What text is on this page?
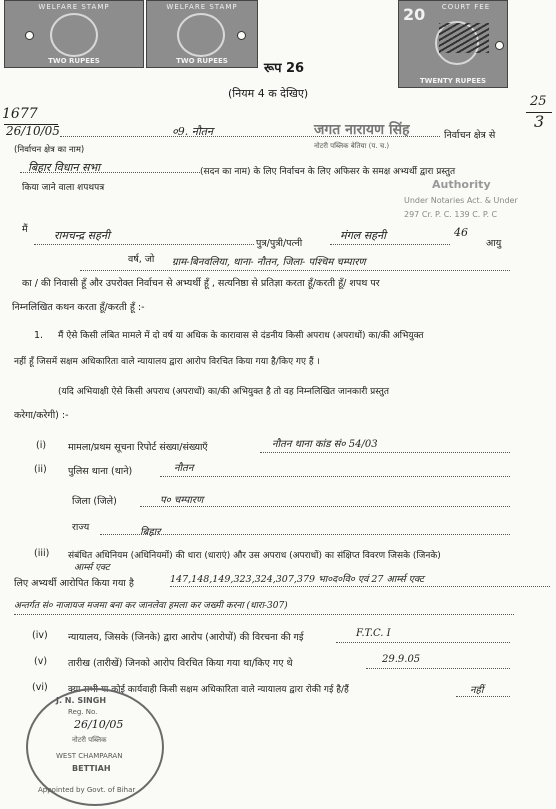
WELFARE STAMP
TWO RUPEES
WELFARE STAMP
TWO RUPEES
20	COURT FEE
TWENTY RUPEES
रूप 26
(नियम 4 क देखिए)
1677
26/10/05
25
3
०9. नौतन	जगत नारायण सिंह
नोटरी पब्लिक बेतिया (प. च.)
निर्वाचन क्षेत्र से
(निर्वाचन क्षेत्र का नाम)
बिहार विधान सभा	(सदन का नाम) के लिए निर्वाचन के लिए अफिसर के समक्ष अभ्यर्थी द्वारा प्रस्तुत
किया जाने वाला शपथपत्र	Authority
Under Notaries Act. & Under
297 Cr. P. C. 139 C. P. C
मैं रामचन्द्र सहनी
पुत्र/पुत्री/पत्नी
मंगल सहनी	46
आयु
वर्ष, जो ग्राम-बिनवलिया, थाना- नौतन, जिला- पश्चिम चम्पारण
का / की निवासी हूँ और उपरोक्त निर्वाचन से अभ्यर्थी हूँ , सत्यनिष्ठा से प्रतिज्ञा करता हूँ/करती हूँ/ शपथ पर
निम्नलिखित कथन करता हूँ/करती हूँ :-
1. मैं ऐसे किसी लंबित मामले में दो वर्ष या अधिक के कारावास से दंडनीय किसी अपराध (अपराधों) का/की अभियुक्त
नहीं हूँ जिसमें सक्षम अधिकारिता वाले न्यायालय द्वारा आरोप विरचित किया गया है/किए गए हैं ।
(यदि अभियाक्षी ऐसे किसी अपराध (अपराधों) का/की अभियुक्त है तो वह निम्नलिखित जानकारी प्रस्तुत
करेगा/करेगी) :-
(i) मामला/प्रथम सूचना रिपोर्ट संख्या/संख्याएँ	नौतन थाना कांड सं० 54/03
(ii) पुलिस थाना (थाने)	नौतन
जिला (जिले)	प० चम्पारण
राज्य	बिहार
(iii) संबंधित अधिनियम (अधिनियमों) की धारा (धाराएं) और उस अपराध (अपराधों) का संक्षिप्त विवरण जिसके (जिनके)
लिए अभ्यर्थी आरोपित किया गया है
आर्म्स एक्ट
147,148,149,323,324,307,379 भा०द०वि० एवं 27 आर्म्स एक्ट
अन्तर्गत सं० नाजायज मजमा बना कर जानलेवा हमला कर जख्मी करना (धारा-307)
(iv) न्यायालय, जिसके (जिनके) द्वारा आरोप (आरोपों) की विरचना की गई	F.T.C. I
(v) तारीख (तारीखें) जिनको आरोप विरचित किया गया था/किए गए थे	29.9.05
(vi) क्या सभी या कोई कार्यवाही किसी सक्षम अधिकारिता वाले न्यायालय द्वारा रोकी गई है/हैं	नहीं
J. N. SINGH
Reg. No.
26/10/05
नोटरी पब्लिक
WEST CHAMPARAN
BETTIAH
Appointed by Govt. of Bihar
